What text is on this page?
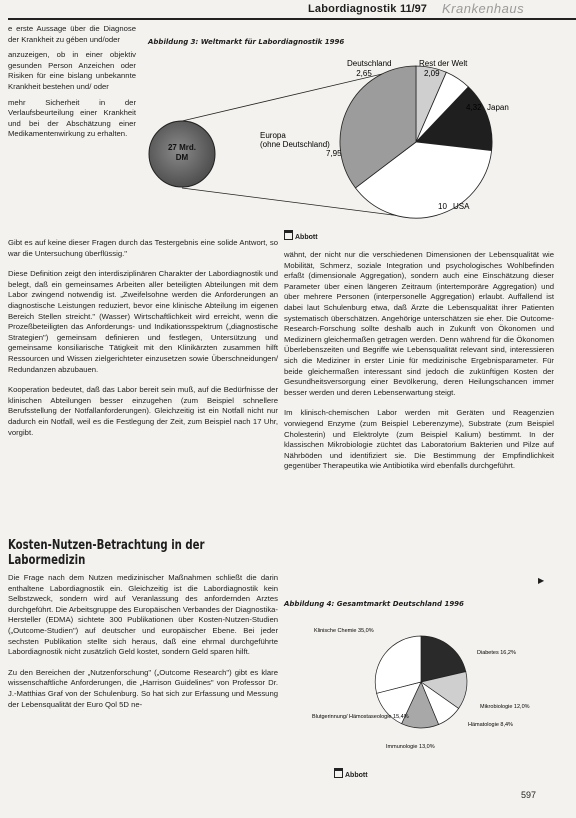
Labordiagnostik 11/97 Krankenhaus

e erste Aussage über die Diagnose der Krankheit zu gében und/oder

anzuzeigen, ob in einer objektiv gesunden Person Anzeichen oder Risiken für eine bislang unbekannte Krankheit bestehen und/ oder

mehr Sicherheit in der Verlaufsbeurteilung einer Krankheit und bei der Abschätzung einer Medikamentenwirkung zu erhalten.

Abbildung 3: Weltmarkt für Labordiagnostik 1996
27 Mrd.
DM
Deutschland
2,65
Rest der Welt
2,09
4,32 Japan
10 USA
Europa
(ohne Deutschland)
7,95
Abbott

Gibt es auf keine dieser Fragen durch das Testergebnis eine solide Antwort, so war die Untersuchung überflüssig."

Diese Definition zeigt den interdisziplinären Charakter der Labordiagnostik und belegt, daß ein gemeinsames Arbeiten aller beteiligten Abteilungen mit dem Labor zwingend notwendig ist. „Zweifelsohne werden die Anforderungen an diagnostische Leistungen reduziert, bevor eine klinische Abteilung im eigenen Bereich Stellen streicht." (Wasser) Wirtschaftlichkeit wird erreicht, wenn die Prozeßbeteiligten das Anforderungs- und Indikationsspektrum („diagnostische Strategien") gemeinsam definieren und festlegen, Untersützung und gemeinsame konsiliarische Tätigkeit mit den Klinikärzten zusammen hilft Ressourcen und Wissen zielgerichteter einzusetzen sowie Überschneidungen/ Redundanzen abzubauen.

Kooperation bedeutet, daß das Labor bereit sein muß, auf die Bedürfnisse der klinischen Abteilungen besser einzugehen (zum Beispiel schnellere Berufsstellung der Notfallanforderungen). Gleichzeitig ist ein Notfall nicht nur dadurch ein Notfall, weil es die Festlegung der Zeit, zum Beispiel nach 17 Uhr, vorgibt.

Kosten-Nutzen-Betrachtung in der Labormedizin

Die Frage nach dem Nutzen medizinischer Maßnahmen schließt die darin enthaltene Labordiagnostik ein. Gleichzeitig ist die Labordiagnostik kein Selbstzweck, sondern wird auf Veranlassung des anfordernden Arztes durchgeführt. Die Arbeitsgruppe des Europäischen Verbandes der Diagnostika-Hersteller (EDMA) sichtete 300 Publikationen über Kosten-Nutzen-Studien („Outcome-Studien") auf deutscher und europäischer Ebene. Bei jeder sechsten Publikation stellte sich heraus, daß eine ehrmal durchgeführte Labordiagnostik nicht zusätzlich Geld kostet, sondern Geld sparen hilft.

Zu den Bereichen der „Nutzenforschung" („Outcome Research") gibt es klare wissenschaftliche Anforderungen, die „Harrison Guidelines" von Professor Dr. J.-Matthias Graf von der Schulenburg. So hat sich zur Erfassung und Messung der Lebensqualität der Euro Qol 5D ne-

wähnt, der nicht nur die verschiedenen Dimensionen der Lebensqualität wie Mobilität, Schmerz, soziale Integration und psychologisches Wohlbefinden erfaßt (dimensionale Aggregation), sondern auch eine Einschätzung dieser Parameter über einen längeren Zeitraum (intertemporäre Aggregation) und über mehrere Personen (interpersonelle Aggregation) erlaubt. Auffallend ist dabei laut Schulenburg etwa, daß Ärzte die Lebensqualität ihrer Patienten systematisch überschätzen. Angehörige unterschätzen sie eher. Die Outcome-Research-Forschung sollte deshalb auch in Zukunft von Ökonomen und Medizinern gleichermaßen getragen werden. Denn während für die Ökonomen Überlebenszeiten und Begriffe wie Lebensqualität relevant sind, interessieren sich die Mediziner in erster Linie für medizinische Ergebnisparameter. Für beide gleichermaßen interessant sind jedoch die zukünftigen Kosten der Gesundheitsversorgung einer Bevölkerung, deren Heilungschancen immer besser werden und deren Lebenserwartung steigt.

Im klinisch-chemischen Labor werden mit Geräten und Reagenzien vorwiegend Enzyme (zum Beispiel Leberenzyme), Substrate (zum Beispiel Cholesterin) und Elektrolyte (zum Beispiel Kalium) bestimmt. In der klassischen Mikrobiologie züchtet das Laboratorium Bakterien und Pilze auf Nährböden und identifiziert sie. Die Bestimmung der Empfindlichkeit gegenüber Therapeutika wie Antibiotika wird ebenfalls durchgeführt.

▶
Abbildung 4: Gesamtmarkt Deutschland 1996
Klinische Chemie 35,0%
Diabetes 16,2%
Mikrobiologie 12,0%
Hämatologie 8,4%
Immunologie 13,0%
Blutgerinnung/ Hämostaseologie 15,4%
Abbott
597
